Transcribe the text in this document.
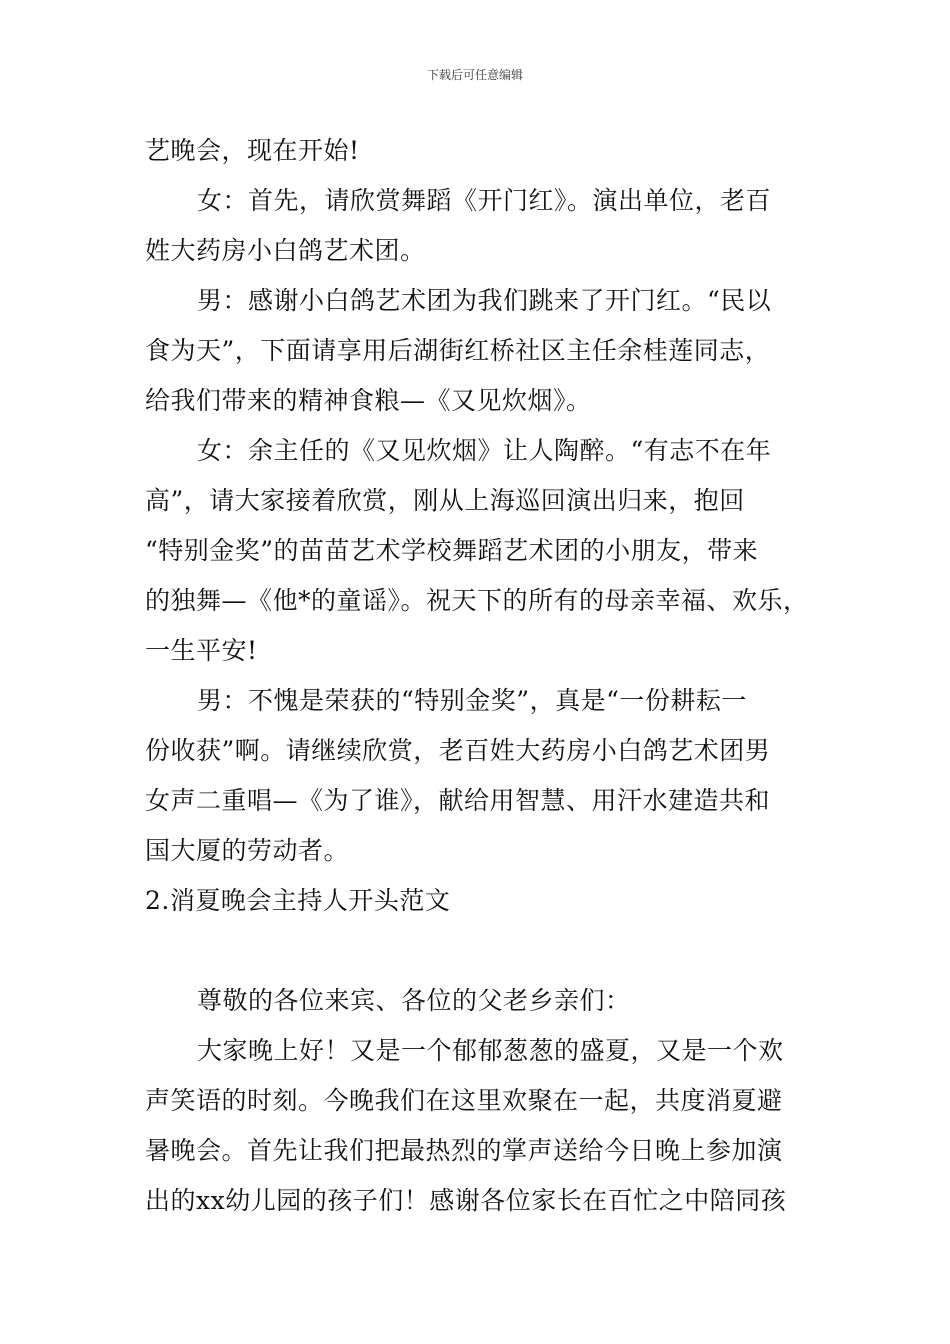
下载后可任意编辑
艺晚会，现在开始!
女：首先，请欣赏舞蹈《开门红》。演出单位，老百
姓大药房小白鸽艺术团。
男：感谢小白鸽艺术团为我们跳来了开门红。“民以
食为天”，下面请享用后湖街红桥社区主任余桂莲同志，
给我们带来的精神食粮—《又见炊烟》。
女：余主任的《又见炊烟》让人陶醉。“有志不在年
高”，请大家接着欣赏，刚从上海巡回演出归来，抱回
“特别金奖”的苗苗艺术学校舞蹈艺术团的小朋友，带来
的独舞—《他*的童谣》。祝天下的所有的母亲幸福、欢乐，
一生平安!
男：不愧是荣获的“特别金奖”，真是“一份耕耘一
份收获”啊。请继续欣赏，老百姓大药房小白鸽艺术团男
女声二重唱—《为了谁》，献给用智慧、用汗水建造共和
国大厦的劳动者。
2.消夏晚会主持人开头范文
尊敬的各位来宾、各位的父老乡亲们：
大家晚上好！又是一个郁郁葱葱的盛夏，又是一个欢
声笑语的时刻。今晚我们在这里欢聚在一起，共度消夏避
暑晚会。首先让我们把最热烈的掌声送给今日晚上参加演
出的xx幼儿园的孩子们！感谢各位家长在百忙之中陪同孩
